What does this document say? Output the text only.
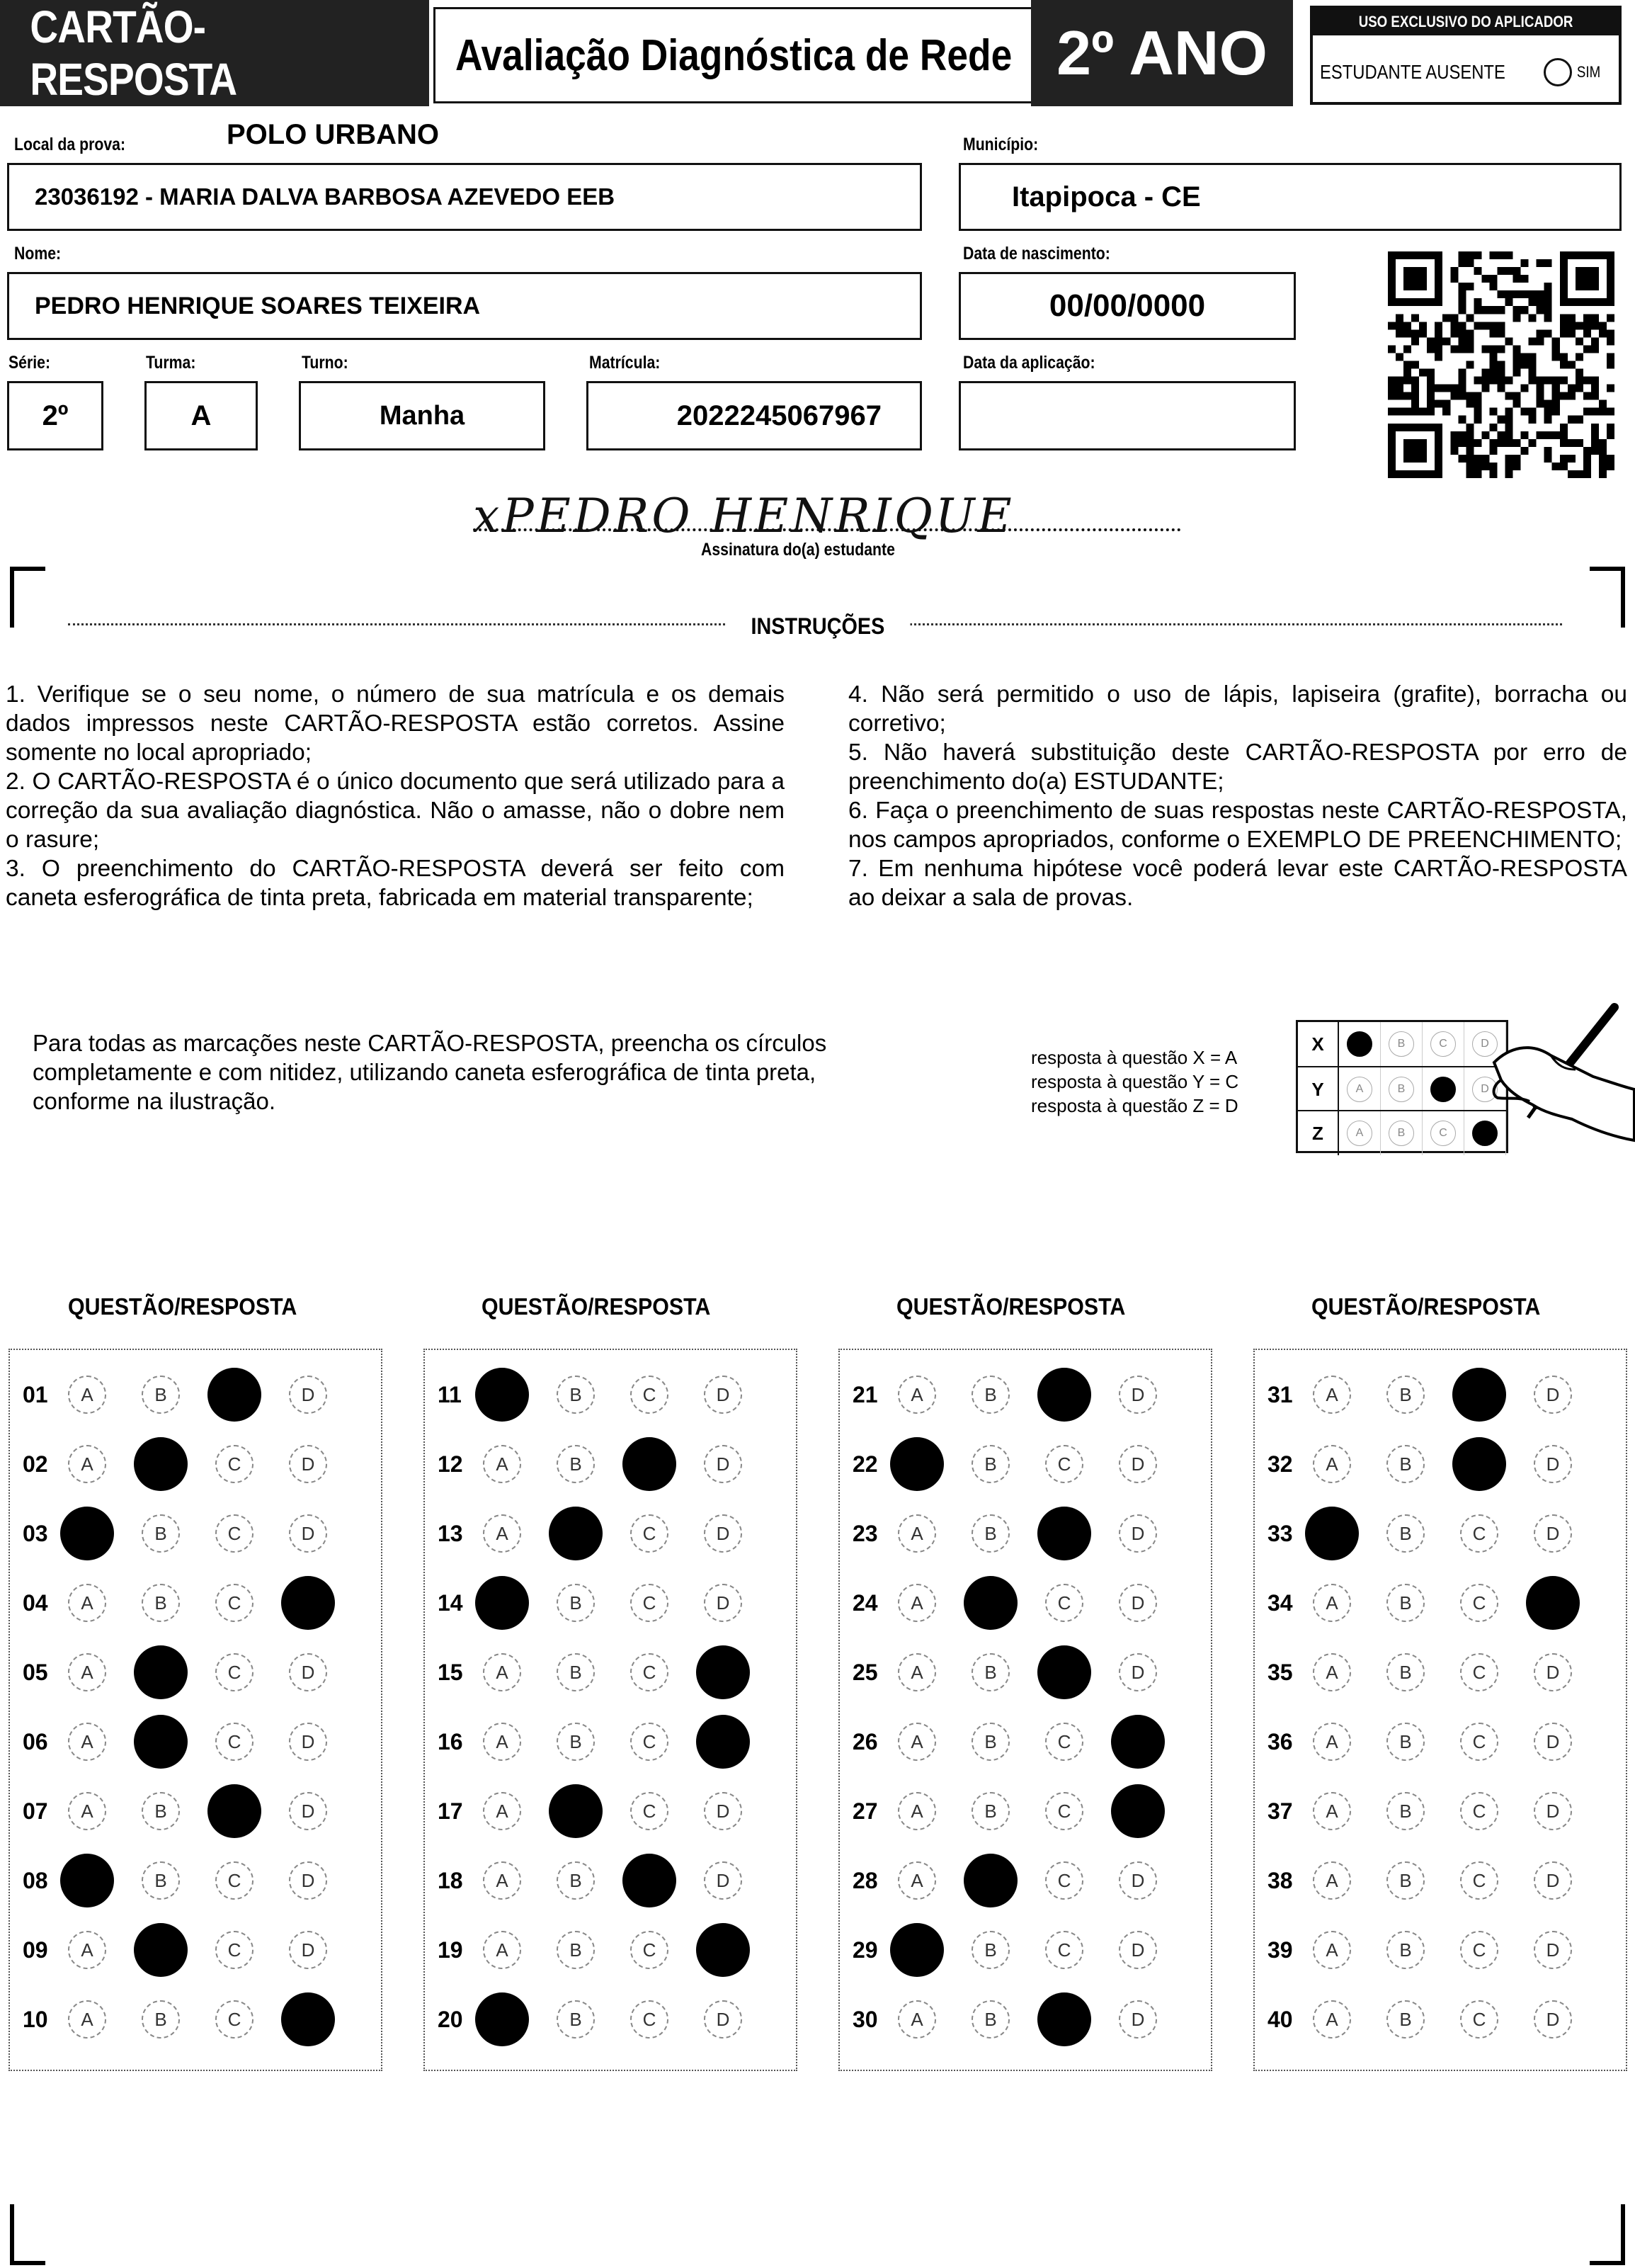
CARTÃO-RESPOSTA	Avaliação Diagnóstica de Rede 2º ANO	USO EXCLUSIVO DO APLICADOR
ESTUDANTE AUSENTE	SIM
Local da prova:	POLO URBANO
23036192 - MARIA DALVA BARBOSA AZEVEDO EEB
Município:
Itapipoca - CE
Nome:
PEDRO HENRIQUE SOARES TEIXEIRA
Data de nascimento:
00/00/0000
Série:
2º
Turma:
A
Turno:
Manha
Matrícula:
2022245067967
Data da aplicação:
xPEDRO HENRIQUE
Assinatura do(a) estudante
INSTRUÇÕES

1. Verifique se o seu nome, o número de sua matrícula e os demais dados impressos neste CARTÃO-RESPOSTA estão corretos. Assine somente no local apropriado;

2. O CARTÃO-RESPOSTA é o único documento que será utilizado para a correção da sua avaliação diagnóstica. Não o amasse, não o dobre nem o rasure;

3. O preenchimento do CARTÃO-RESPOSTA deverá ser feito com caneta esferográfica de tinta preta, fabricada em material transparente;

4. Não será permitido o uso de lápis, lapiseira (grafite), borracha ou corretivo;

5. Não haverá substituição deste CARTÃO-RESPOSTA por erro de preenchimento do(a) ESTUDANTE;

6. Faça o preenchimento de suas respostas neste CARTÃO-RESPOSTA, nos campos apropriados, conforme o EXEMPLO DE PREENCHIMENTO;

7. Em nenhuma hipótese você poderá levar este CARTÃO-RESPOSTA ao deixar a sala de provas.

Para todas as marcações neste CARTÃO-RESPOSTA, preencha os círculos completamente e com nitidez, utilizando caneta esferográfica de tinta preta, conforme na ilustração.
resposta à questão X = A
resposta à questão Y = C
resposta à questão Z = D
X	A	B	C	D
Y	A	B	C	D
Z	A	B	C	D
QUESTÃO/RESPOSTA	QUESTÃO/RESPOSTA	QUESTÃO/RESPOSTA	QUESTÃO/RESPOSTA
01	A	B	C	D
02	A	B	C	D
03	A	B	C	D
04	A	B	C	D
05	A	B	C	D
06	A	B	C	D
07	A	B	C	D
08	A	B	C	D
09	A	B	C	D
10	A	B	C	D
11	A	B	C	D
12	A	B	C	D
13	A	B	C	D
14	A	B	C	D
15	A	B	C	D
16	A	B	C	D
17	A	B	C	D
18	A	B	C	D
19	A	B	C	D
20	A	B	C	D
21	A	B	C	D
22	A	B	C	D
23	A	B	C	D
24	A	B	C	D
25	A	B	C	D
26	A	B	C	D
27	A	B	C	D
28	A	B	C	D
29	A	B	C	D
30	A	B	C	D
31	A	B	C	D
32	A	B	C	D
33	A	B	C	D
34	A	B	C	D
35	A	B	C	D
36	A	B	C	D
37	A	B	C	D
38	A	B	C	D
39	A	B	C	D
40	A	B	C	D
